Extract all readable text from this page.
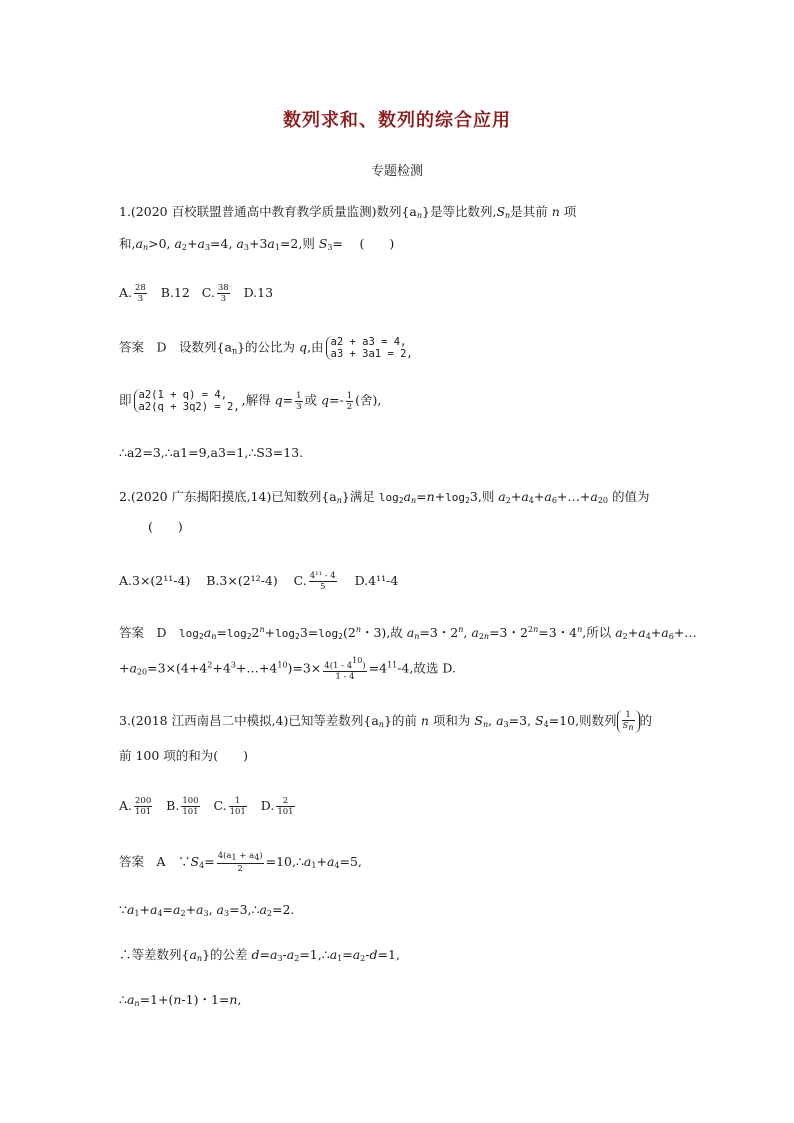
数列求和、数列的综合应用
专题检测
1.(2020 百校联盟普通高中教育教学质量监测)数列$\{a_n\}$是等比数列$,S_n$是其前 n 项
和$,a_n>0$, $a_2+a_3=4$, $a_3+3a_1=2$,则 $S_3=$　 (　　)
A. $\frac{28}{3} B.12$ C. $\frac{38}{3} D.13$
答案　D　 设数列$\{a_n\}$的公比为 q,由 a2 + a3 = 4,
a3 + 3a1 = 2,
即 a2(1 + q) = 4,
a2(q + 3q2) = 2, ,解得 $q= \frac{1}{3}$ 或 $q=- \frac{1}{2}$ (舍),
∴a2=3,∴a1=9,a3=1,∴S3=13.
2.(2020 广东揭阳摸底,14)已知数列$\{a_n\}$满足 $\log_2a_n=n+\log_23$,则 $a_2+a_4+a_6+\dots+a_{20}$ 的值为
(　　)
A.3×(2¹¹-4) B.3×(2¹²-4) C. $\frac{\text{4¹¹ - 4}}{5} D.4^{11}-4$
答案　D　 $\log_2a_n=\log_22^n+\log_23=\log_2(2^n$・3),故 $a_n=3$・2$^n$, $a_{2n}=3$・$2^{2n}=3$・4$^n$,所以 $a_2+a_4+a_6+\dots$
$+a_{20}=3\times(4+4^2+4^3+\dots+4^{10})=3\times \frac{4(1 - 4^{10})}{1 - 4} =4^{11}-4$,故选 D.
3.(2018 江西南昌二中模拟,4)已知等差数列$\{a_n\}$的前 n 项和为 $S_n$, $a_3=3$, $S_4=10$,则数列 $\frac{1}{S_n}$ 的
前 100 项的和为(　　)
A. $\frac{200}{101} B$. $\frac{100}{101} C$. $\frac{1}{101} D$. $\frac{2}{101}$
答案　A　$\because S_4= \frac{4(a_1 + a_4)}{2}$ $=10,\therefore a_1+a_4=5$,
$\because a_1+a_4=a_2+a_3$, $a_3=3,\therefore a_2=2$.
∴等差数列$\{a_n\}$的公差 $d=a_3-a_2=1,\therefore a_1=a_2-d=1$,
$\therefore a_n=1+(n-1)$・1=n,
